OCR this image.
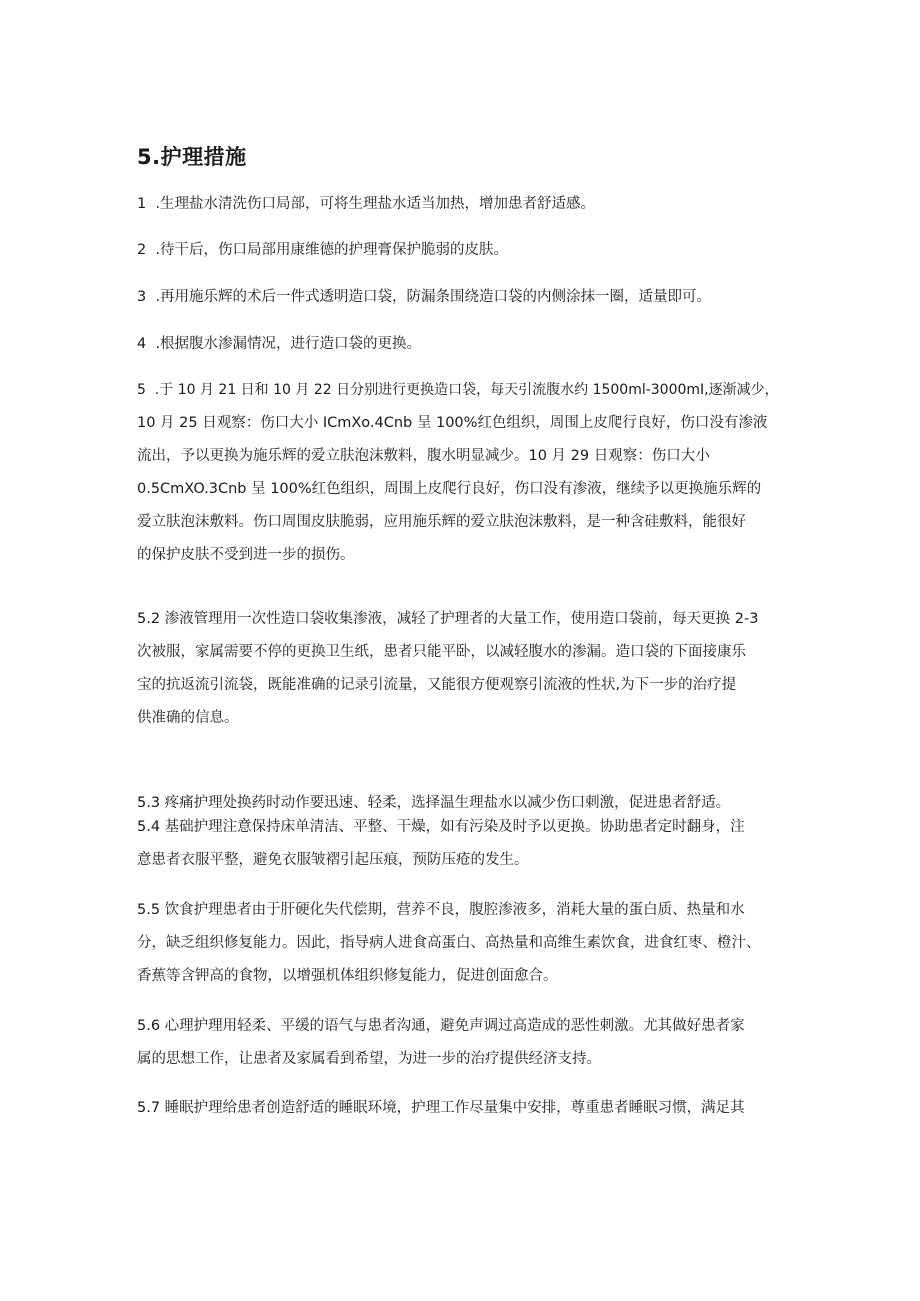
5.护理措施
1  .生理盐水清洗伤口局部，可将生理盐水适当加热，增加患者舒适感。
2  .待干后，伤口局部用康维德的护理膏保护脆弱的皮肤。
3  .再用施乐辉的术后一件式透明造口袋，防漏条围绕造口袋的内侧涂抹一圈，适量即可。
4  .根据腹水渗漏情况，进行造口袋的更换。
5  .于 10 月 21 日和 10 月 22 日分别进行更换造口袋，每天引流腹水约 1500ml-3000mI,逐渐减少，
10 月 25 日观察：伤口大小 ICmXo.4Cnb 呈 100%红色组织，周围上皮爬行良好，伤口没有渗液
流出，予以更换为施乐辉的爱立肤泡沫敷料，腹水明显减少。10 月 29 日观察：伤口大小
0.5CmXO.3Cnb 呈 100%红色组织，周围上皮爬行良好，伤口没有渗液，继续予以更换施乐辉的
爱立肤泡沫敷料。伤口周围皮肤脆弱，应用施乐辉的爱立肤泡沫敷料，是一种含硅敷料，能很好
的保护皮肤不受到进一步的损伤。
5.2 渗液管理用一次性造口袋收集渗液，减轻了护理者的大量工作，使用造口袋前，每天更换 2-3
次被服，家属需要不停的更换卫生纸，患者只能平卧，以减轻腹水的渗漏。造口袋的下面接康乐
宝的抗返流引流袋，既能准确的记录引流量，又能很方便观察引流液的性状,为下一步的治疗提
供准确的信息。
5.3 疼痛护理处换药时动作要迅速、轻柔，选择温生理盐水以减少伤口刺激，促进患者舒适。
5.4 基础护理注意保持床单清洁、平整、干燥，如有污染及时予以更换。协助患者定时翻身，注
意患者衣服平整，避免衣服皱褶引起压痕，预防压疮的发生。
5.5 饮食护理患者由于肝硬化失代偿期，营养不良，腹腔渗液多，消耗大量的蛋白质、热量和水
分，缺乏组织修复能力。因此，指导病人进食高蛋白、高热量和高维生素饮食，进食红枣、橙汁、
香蕉等含钾高的食物，以增强机体组织修复能力，促进创面愈合。
5.6 心理护理用轻柔、平缓的语气与患者沟通，避免声调过高造成的恶性刺激。尤其做好患者家
属的思想工作，让患者及家属看到希望，为进一步的治疗提供经济支持。
5.7 睡眠护理给患者创造舒适的睡眠环境，护理工作尽量集中安排，尊重患者睡眠习惯，满足其
